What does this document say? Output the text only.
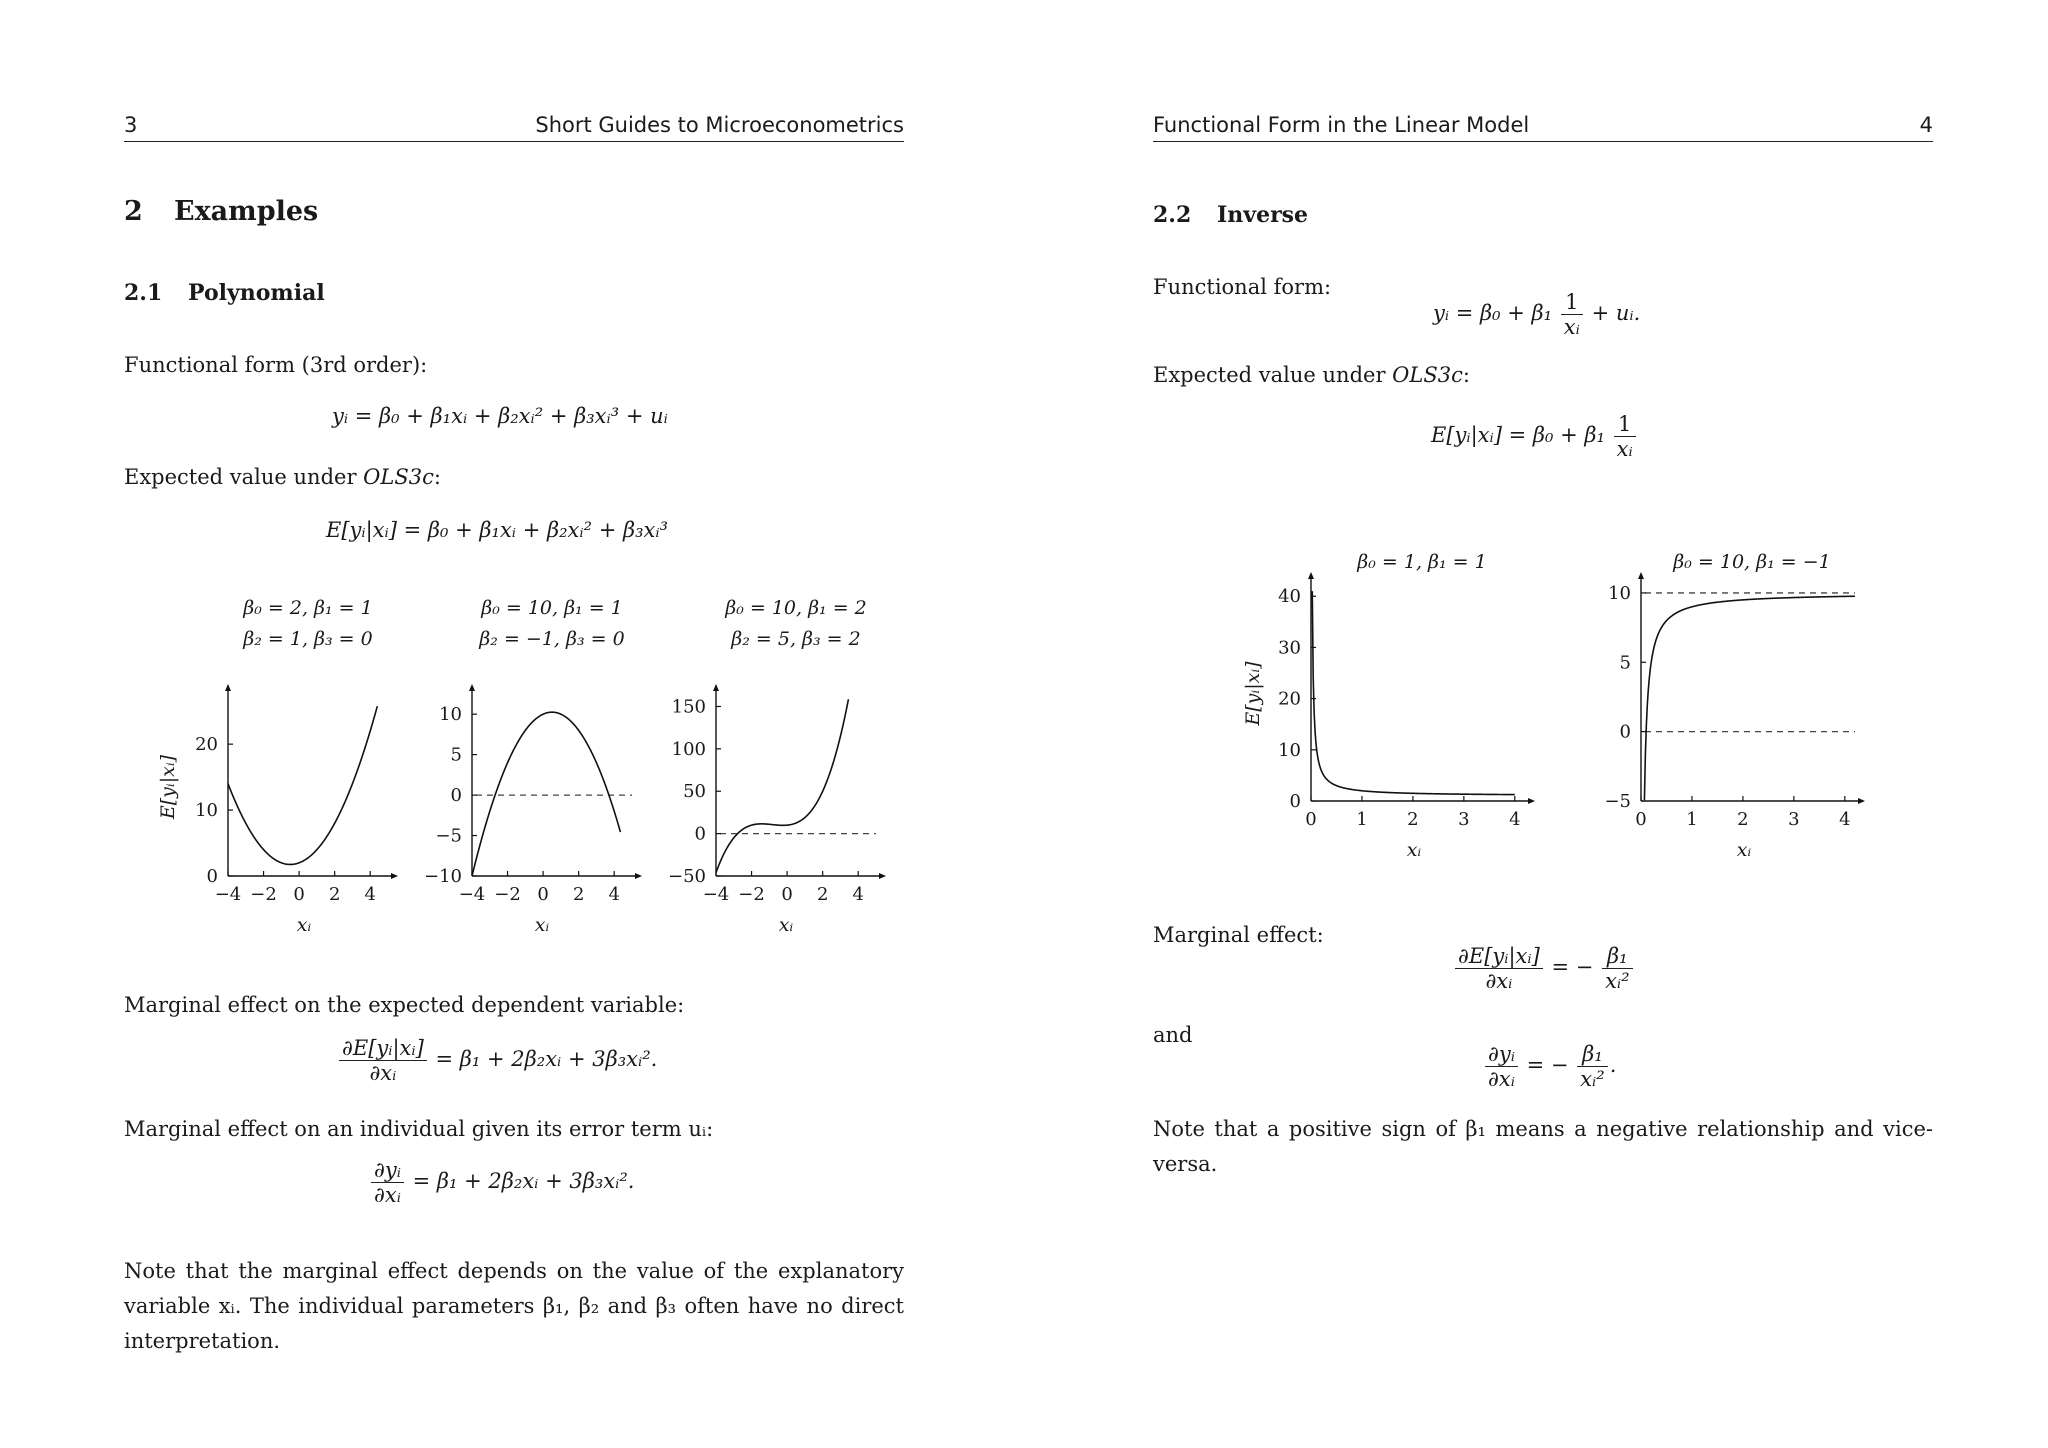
3	Short Guides to Microeconometrics
2 Examples
2.1 Polynomial
Functional form (3rd order):
yᵢ = β₀ + β₁xᵢ + β₂xᵢ² + β₃xᵢ³ + uᵢ
Expected value under OLS3c:
E[yᵢ|xᵢ] = β₀ + β₁xᵢ + β₂xᵢ² + β₃xᵢ³
β₀ = 2, β₁ = 1
β₂ = 1, β₃ = 0
−4 −2 0 2 4
0
10
20
xᵢ
E[yᵢ|xᵢ]
β₀ = 10, β₁ = 1
β₂ = −1, β₃ = 0
−4 −2 0 2 4
−10
−5
0
5
10
xᵢ
β₀ = 10, β₁ = 2
β₂ = 5, β₃ = 2
−4 −2 0 2 4
−50
0
50
100
150
xᵢ
Marginal effect on the expected dependent variable:
$\frac{\text{∂E[yᵢ|xᵢ]}}{\text{∂xᵢ}} = \beta_1$ + 2β₂xᵢ + 3β₃xᵢ².
Marginal effect on an individual given its error term uᵢ:
$\frac{\text{∂yᵢ}}{\text{∂xᵢ}} = \beta_1$ + 2β₂xᵢ + 3β₃xᵢ².
Note that the marginal effect depends on the value of the explanatory variable xᵢ. The individual parameters β₁, β₂ and β₃ often have no direct interpretation.
Functional Form in the Linear Model	4
2.2 Inverse
Functional form:
yᵢ = $\beta_0 + \beta_1 \frac{1}{\text{xᵢ}}$ + uᵢ.
Expected value under OLS3c:
E[yᵢ|xᵢ] = $\beta_0 + \beta_1 \frac{1}{\text{xᵢ}}$
β₀ = 1, β₁ = 1
0 1 2 3 4
0
10
20
30
40
xᵢ
E[yᵢ|xᵢ]
β₀ = 10, β₁ = −1
0 1 2 3 4
−5
0
5
10
xᵢ
Marginal effect:
$\frac{\text{∂E[yᵢ|xᵢ]}}{\text{∂xᵢ}}$ = − $\frac{\text{β₁}}{\text{xᵢ²}}$
and
$\frac{\text{∂yᵢ}}{\text{∂xᵢ}}$ = − $\frac{\text{β₁}}{\text{xᵢ²}}$ .
Note that a positive sign of β₁ means a negative relationship and vice-versa.
